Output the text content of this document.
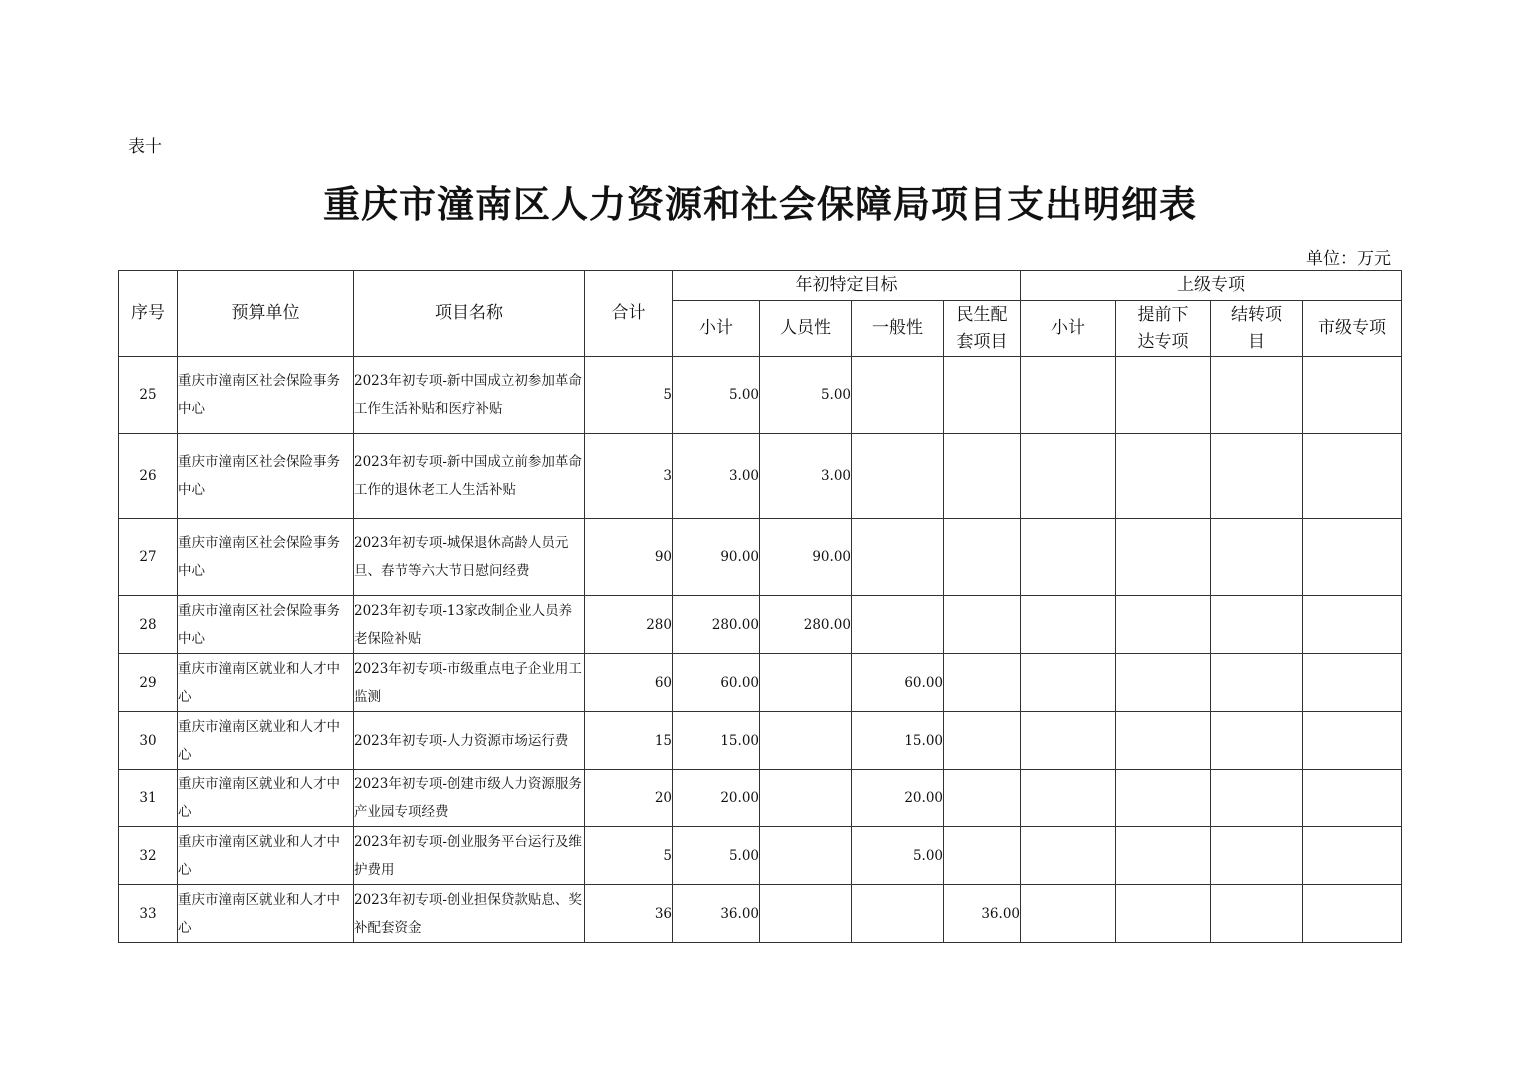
表十
重庆市潼南区人力资源和社会保障局项目支出明细表
单位：万元
序号	预算单位	项目名称	合计	年初特定目标				上级专项			
				小计	人员性	一般性	民生配套项目	小计	提前下达专项	结转项目	市级专项
25	重庆市潼南区社会保险事务中心	2023年初专项-新中国成立初参加革命工作生活补贴和医疗补贴	5	5.00	5.00						
26	重庆市潼南区社会保险事务中心	2023年初专项-新中国成立前参加革命工作的退休老工人生活补贴	3	3.00	3.00						
27	重庆市潼南区社会保险事务中心	2023年初专项-城保退休高龄人员元旦、春节等六大节日慰问经费	90	90.00	90.00						
28	重庆市潼南区社会保险事务中心	2023年初专项-13家改制企业人员养老保险补贴	280	280.00	280.00						
29	重庆市潼南区就业和人才中心	2023年初专项-市级重点电子企业用工监测	60	60.00		60.00					
30	重庆市潼南区就业和人才中心	2023年初专项-人力资源市场运行费	15	15.00		15.00					
31	重庆市潼南区就业和人才中心	2023年初专项-创建市级人力资源服务产业园专项经费	20	20.00		20.00					
32	重庆市潼南区就业和人才中心	2023年初专项-创业服务平台运行及维护费用	5	5.00		5.00					
33	重庆市潼南区就业和人才中心	2023年初专项-创业担保贷款贴息、奖补配套资金	36	36.00			36.00				
